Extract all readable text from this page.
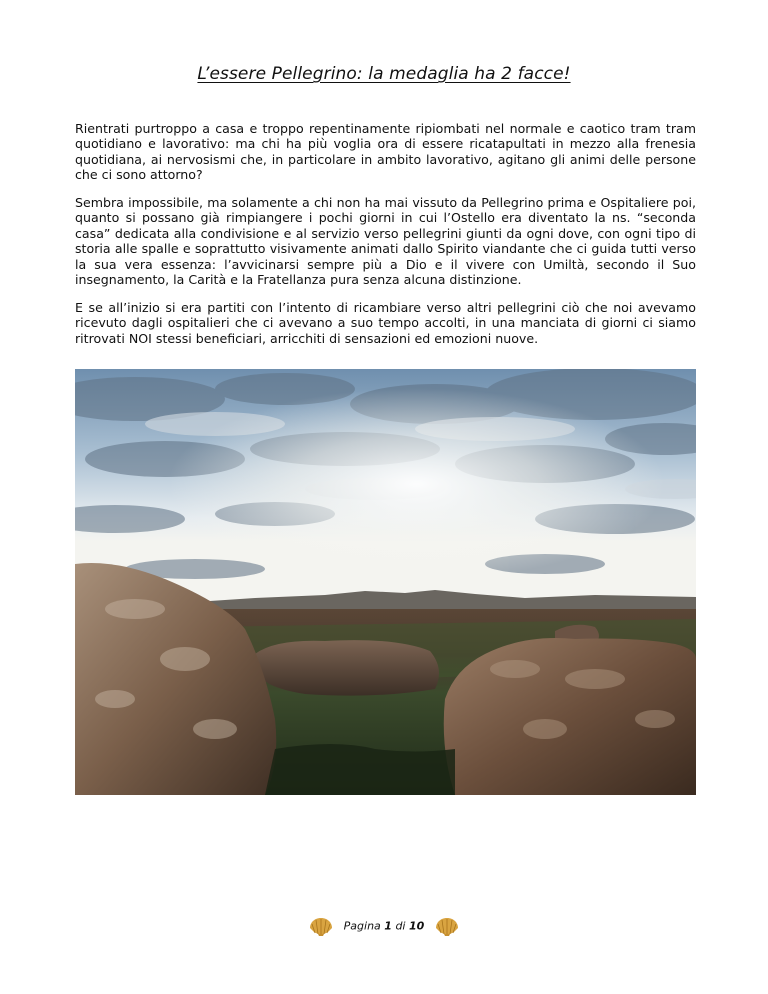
L’essere Pellegrino: la medaglia ha 2 facce!

Rientrati purtroppo a casa e troppo repentinamente ripiombati nel normale e caotico tram tram quotidiano e lavorativo: ma chi ha più voglia ora di essere ricatapultati in mezzo alla frenesia quotidiana, ai nervosismi che, in particolare in ambito lavorativo, agitano gli animi delle persone che ci sono attorno?

Sembra impossibile, ma solamente a chi non ha mai vissuto da Pellegrino prima e Ospitaliere poi, quanto si possano già rimpiangere i pochi giorni in cui l’Ostello era diventato la ns. “seconda casa” dedicata alla condivisione e al servizio verso pellegrini giunti da ogni dove, con ogni tipo di storia alle spalle e soprattutto visivamente animati dallo Spirito viandante che ci guida tutti verso la sua vera essenza: l’avvicinarsi sempre più a Dio e il vivere con Umiltà, secondo il Suo insegnamento, la Carità e la Fratellanza pura senza alcuna distinzione.

E se all’inizio si era partiti con l’intento di ricambiare verso altri pellegrini ciò che noi avevamo ricevuto dagli ospitalieri che ci avevano a suo tempo accolti, in una manciata di giorni ci siamo ritrovati NOI stessi beneficiari, arricchiti di sensazioni ed emozioni nuove.

Pagina 1 di 10
